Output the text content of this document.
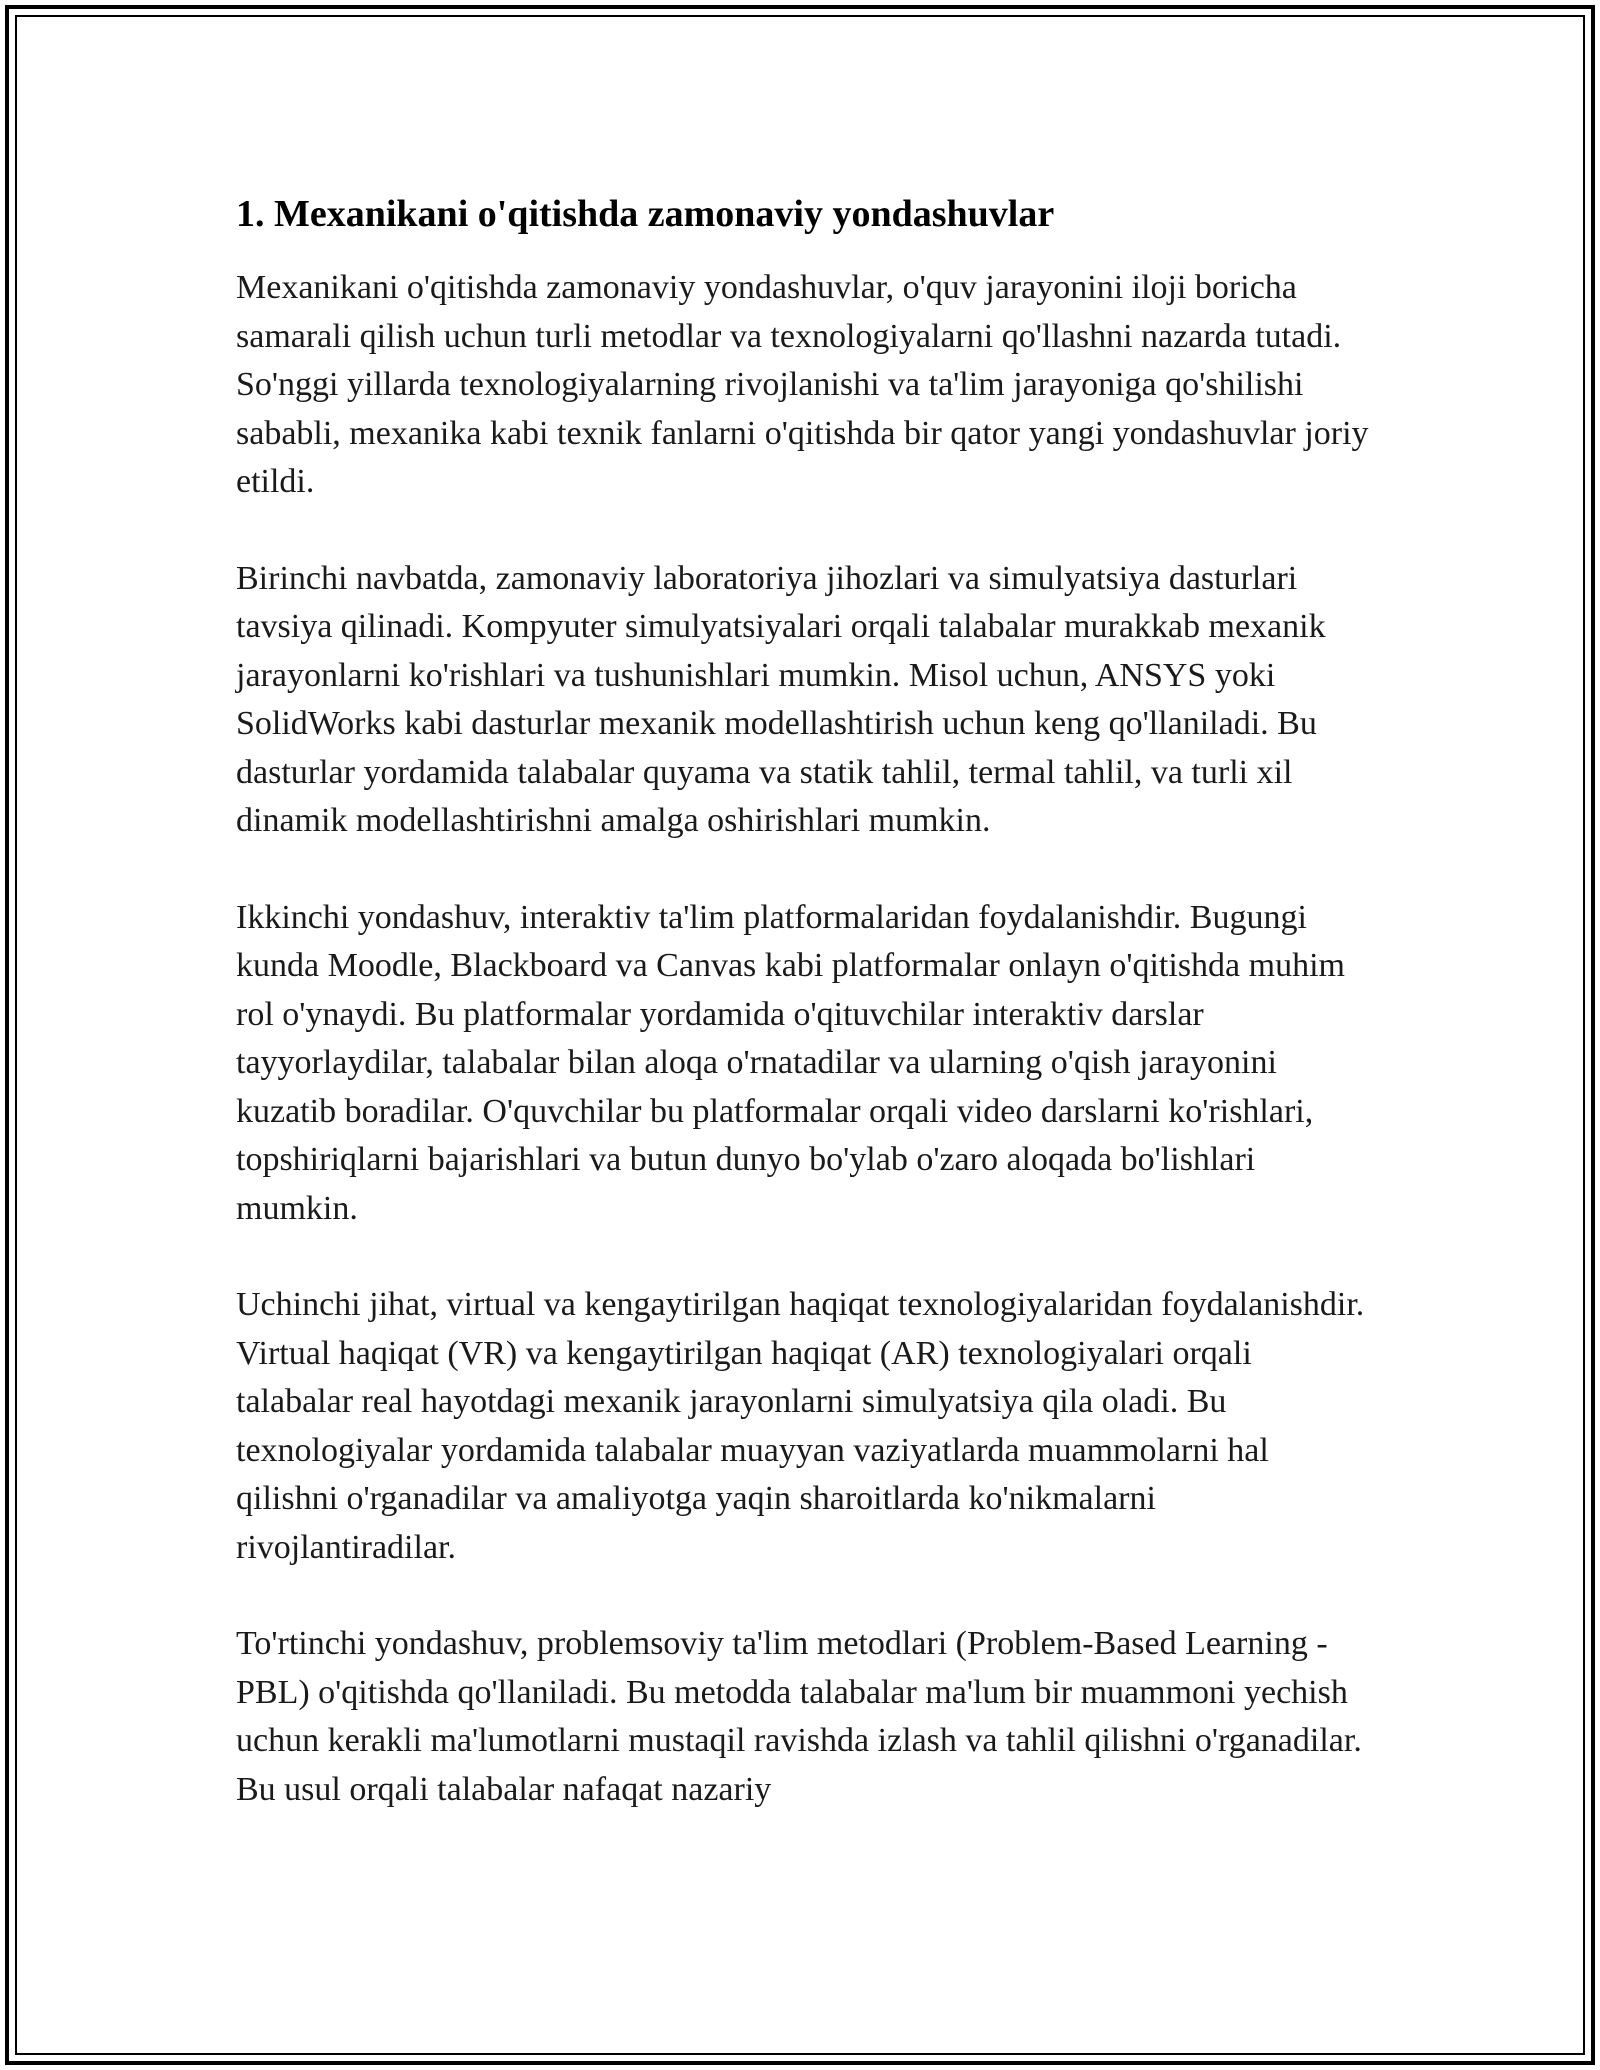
1. Mexanikani o'qitishda zamonaviy yondashuvlar

Mexanikani o'qitishda zamonaviy yondashuvlar, o'quv jarayonini iloji boricha samarali qilish uchun turli metodlar va texnologiyalarni qo'llashni nazarda tutadi. So'nggi yillarda texnologiyalarning rivojlanishi va ta'lim jarayoniga qo'shilishi sababli, mexanika kabi texnik fanlarni o'qitishda bir qator yangi yondashuvlar joriy etildi.

Birinchi navbatda, zamonaviy laboratoriya jihozlari va simulyatsiya dasturlari tavsiya qilinadi. Kompyuter simulyatsiyalari orqali talabalar murakkab mexanik jarayonlarni ko'rishlari va tushunishlari mumkin. Misol uchun, ANSYS yoki SolidWorks kabi dasturlar mexanik modellashtirish uchun keng qo'llaniladi. Bu dasturlar yordamida talabalar quyama va statik tahlil, termal tahlil, va turli xil dinamik modellashtirishni amalga oshirishlari mumkin.

Ikkinchi yondashuv, interaktiv ta'lim platformalaridan foydalanishdir. Bugungi kunda Moodle, Blackboard va Canvas kabi platformalar onlayn o'qitishda muhim rol o'ynaydi. Bu platformalar yordamida o'qituvchilar interaktiv darslar tayyorlaydilar, talabalar bilan aloqa o'rnatadilar va ularning o'qish jarayonini kuzatib boradilar. O'quvchilar bu platformalar orqali video darslarni ko'rishlari, topshiriqlarni bajarishlari va butun dunyo bo'ylab o'zaro aloqada bo'lishlari mumkin.

Uchinchi jihat, virtual va kengaytirilgan haqiqat texnologiyalaridan foydalanishdir. Virtual haqiqat (VR) va kengaytirilgan haqiqat (AR) texnologiyalari orqali talabalar real hayotdagi mexanik jarayonlarni simulyatsiya qila oladi. Bu texnologiyalar yordamida talabalar muayyan vaziyatlarda muammolarni hal qilishni o'rganadilar va amaliyotga yaqin sharoitlarda ko'nikmalarni rivojlantiradilar.

To'rtinchi yondashuv, problemsoviy ta'lim metodlari (Problem-Based Learning - PBL) o'qitishda qo'llaniladi. Bu metodda talabalar ma'lum bir muammoni yechish uchun kerakli ma'lumotlarni mustaqil ravishda izlash va tahlil qilishni o'rganadilar. Bu usul orqali talabalar nafaqat nazariy
